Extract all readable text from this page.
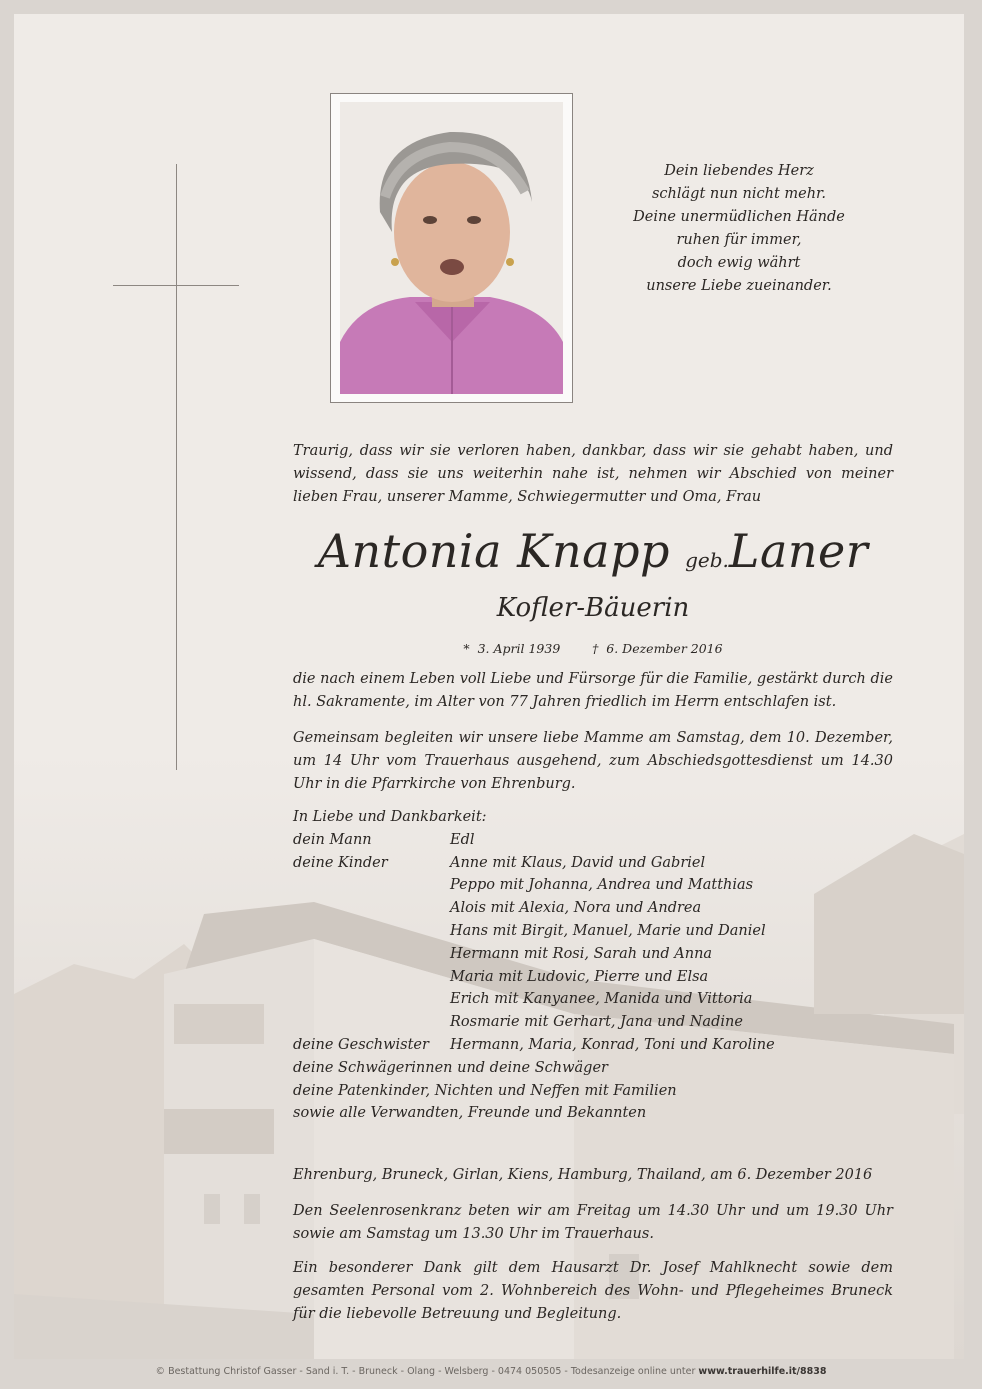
Dein liebendes Herz
schlägt nun nicht mehr.
Deine unermüdlichen Hände
ruhen für immer,
doch ewig währt
unsere Liebe zueinander.
Traurig, dass wir sie verloren haben, dankbar, dass wir sie gehabt haben, und wissend, dass sie uns weiterhin nahe ist, nehmen wir Abschied von meiner lieben Frau, unserer Mamme, Schwiegermutter und Oma, Frau
Antonia Knapp geb.Laner
Kofler-Bäuerin
*  3. April 1939	†  6. Dezember 2016
die nach einem Leben voll Liebe und Fürsorge für die Familie, gestärkt durch die hl. Sakramente, im Alter von 77 Jahren friedlich im Herrn entschlafen ist.
Gemeinsam begleiten wir unsere liebe Mamme am Samstag, dem 10. Dezember, um 14 Uhr vom Trauerhaus ausgehend, zum Abschiedsgottesdienst um 14.30 Uhr in die Pfarrkirche von Ehrenburg.
In Liebe und Dankbarkeit:
dein Mann	Edl
deine Kinder	Anne mit Klaus, David und Gabriel
Peppo mit Johanna, Andrea und Matthias
Alois mit Alexia, Nora und Andrea
Hans mit Birgit, Manuel, Marie und Daniel
Hermann mit Rosi, Sarah und Anna
Maria mit Ludovic, Pierre und Elsa
Erich mit Kanyanee, Manida und Vittoria
Rosmarie mit Gerhart, Jana und Nadine
deine Geschwister	Hermann, Maria, Konrad, Toni und Karoline
deine Schwägerinnen und deine Schwäger
deine Patenkinder, Nichten und Neffen mit Familien
sowie alle Verwandten, Freunde und Bekannten
Ehrenburg, Bruneck, Girlan, Kiens, Hamburg, Thailand, am 6. Dezember 2016
Den Seelenrosenkranz beten wir am Freitag um 14.30 Uhr und um 19.30 Uhr sowie am Samstag um 13.30 Uhr im Trauerhaus.
Ein besonderer Dank gilt dem Hausarzt Dr. Josef Mahlknecht sowie dem gesamten Personal vom 2. Wohnbereich des Wohn- und Pflegeheimes Bruneck für die liebevolle Betreuung und Begleitung.
© Bestattung Christof Gasser - Sand i. T. - Bruneck - Olang - Welsberg - 0474 050505 - Todesanzeige online unter www.trauerhilfe.it/8838
